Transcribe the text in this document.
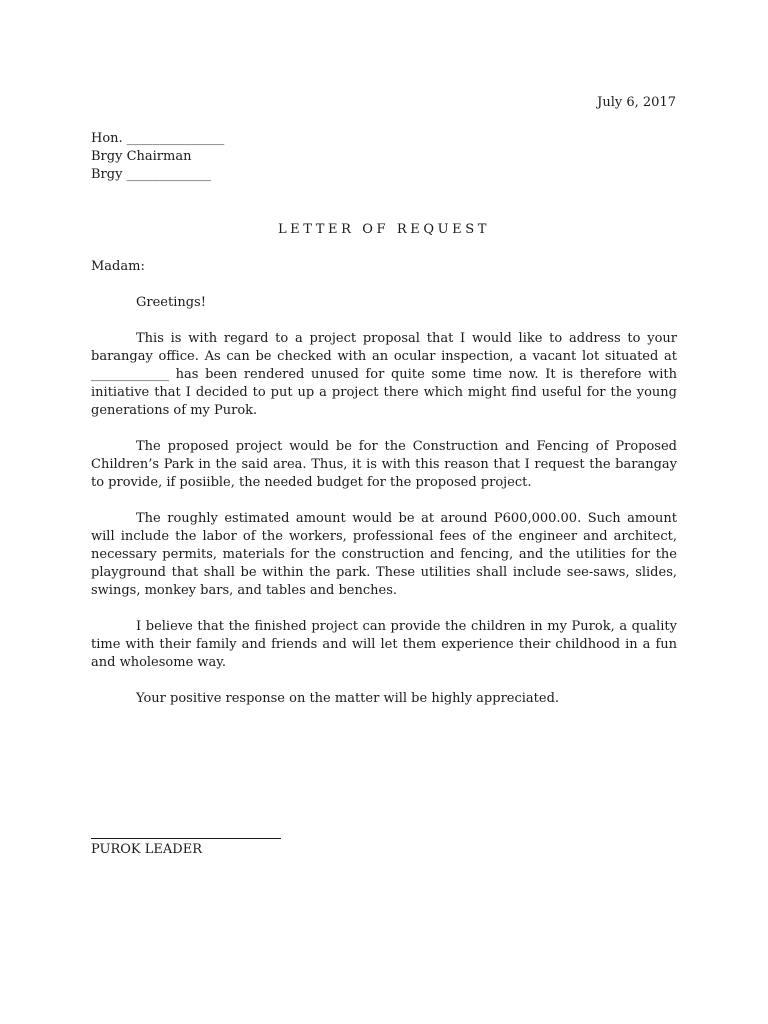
July 6, 2017
Hon. _______________
Brgy Chairman
Brgy _____________
LETTER OF REQUEST
Madam:

Greetings!

This is with regard to a project proposal that I would like to address to your barangay office. As can be checked with an ocular inspection, a vacant lot situated at ____________ has been rendered unused for quite some time now. It is therefore with initiative that I decided to put up a project there which might find useful for the young generations of my Purok.

The proposed project would be for the Construction and Fencing of Proposed Children’s Park in the said area. Thus, it is with this reason that I request the barangay to provide, if posiible, the needed budget for the proposed project.

The roughly estimated amount would be at around P600,000.00. Such amount will include the labor of the workers, professional fees of the engineer and architect, necessary permits, materials for the construction and fencing, and the utilities for the playground that shall be within the park. These utilities shall include see-saws, slides, swings, monkey bars, and tables and benches.

I believe that the finished project can provide the children in my Purok, a quality time with their family and friends and will let them experience their childhood in a fun and wholesome way.

Your positive response on the matter will be highly appreciated.

PUROK LEADER
